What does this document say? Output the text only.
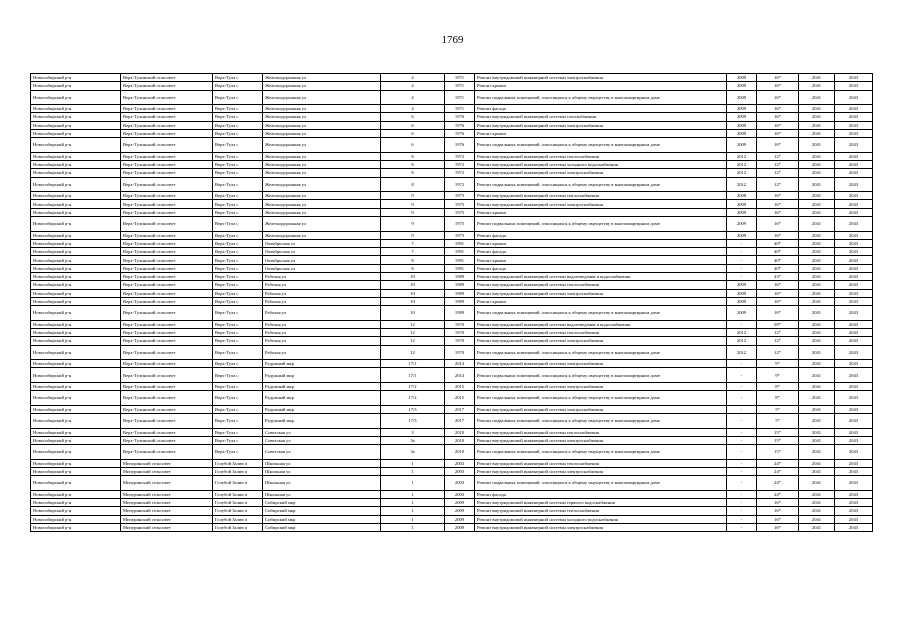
1769
Новосибирский р-н	Верх-Тулинский сельсовет	Верх-Тула с	Железнодорожная ул	4	1971	Ремонт внутридомовой инженерной системы электроснабжения	2009	16*	2041	2043
Новосибирский р-н	Верх-Тулинский сельсовет	Верх-Тула с	Железнодорожная ул	4	1971	Ремонт крыши	2009	16*	2041	2043
Новосибирский р-н	Верх-Тулинский сельсовет	Верх-Тула с	Железнодорожная ул	4	1971	Ремонт подвальных помещений, относящихся к общему имуществу в многоквартирном доме	2009	16*	2041	2043
Новосибирский р-н	Верх-Тулинский сельсовет	Верх-Тула с	Железнодорожная ул	4	1971	Ремонт фасада	2009	16*	2041	2043
Новосибирский р-н	Верх-Тулинский сельсовет	Верх-Тула с	Железнодорожная ул	6	1976	Ремонт внутридомовой инженерной системы газоснабжения	2009	16*	2041	2043
Новосибирский р-н	Верх-Тулинский сельсовет	Верх-Тула с	Железнодорожная ул	6	1976	Ремонт внутридомовой инженерной системы электроснабжения	2009	16*	2041	2043
Новосибирский р-н	Верх-Тулинский сельсовет	Верх-Тула с	Железнодорожная ул	6	1976	Ремонт крыши	2009	16*	2041	2043
Новосибирский р-н	Верх-Тулинский сельсовет	Верх-Тула с	Железнодорожная ул	6	1976	Ремонт подвальных помещений, относящихся к общему имуществу в многоквартирном доме	2009	16*	2041	2043
Новосибирский р-н	Верх-Тулинский сельсовет	Верх-Тула с	Железнодорожная ул	8	1972	Ремонт внутридомовой инженерной системы теплоснабжения	2012	12*	2041	2043
Новосибирский р-н	Верх-Тулинский сельсовет	Верх-Тула с	Железнодорожная ул	8	1972	Ремонт внутридомовой инженерной системы холодного водоснабжения	2012	12*	2041	2043
Новосибирский р-н	Верх-Тулинский сельсовет	Верх-Тула с	Железнодорожная ул	8	1972	Ремонт внутридомовой инженерной системы электроснабжения	2012	12*	2041	2043
Новосибирский р-н	Верх-Тулинский сельсовет	Верх-Тула с	Железнодорожная ул	8	1972	Ремонт подвальных помещений, относящихся к общему имуществу в многоквартирном доме	2012	12*	2041	2043
Новосибирский р-н	Верх-Тулинский сельсовет	Верх-Тула с	Железнодорожная ул	9	1975	Ремонт внутридомовой инженерной системы теплоснабжения	2008	16*	2041	2043
Новосибирский р-н	Верх-Тулинский сельсовет	Верх-Тула с	Железнодорожная ул	9	1975	Ремонт внутридомовой инженерной системы электроснабжения	2009	16*	2041	2043
Новосибирский р-н	Верх-Тулинский сельсовет	Верх-Тула с	Железнодорожная ул	9	1975	Ремонт крыши	2009	16*	2041	2043
Новосибирский р-н	Верх-Тулинский сельсовет	Верх-Тула с	Железнодорожная ул	9	1975	Ремонт подвальных помещений, относящихся к общему имуществу в многоквартирном доме	2009	16*	2041	2043
Новосибирский р-н	Верх-Тулинский сельсовет	Верх-Тула с	Железнодорожная ул	9	1975	Ремонт фасада	2009	16*	2041	2043
Новосибирский р-н	Верх-Тулинский сельсовет	Верх-Тула с	Октябрьская ул	7	1991	Ремонт крыши	-	40*	2041	2043
Новосибирский р-н	Верх-Тулинский сельсовет	Верх-Тула с	Октябрьская ул	7	1991	Ремонт фасада	-	40*	2041	2043
Новосибирский р-н	Верх-Тулинский сельсовет	Верх-Тула с	Октябрьская ул	8	1991	Ремонт крыши	-	40*	2041	2043
Новосибирский р-н	Верх-Тулинский сельсовет	Верх-Тула с	Октябрьская ул	8	1991	Ремонт фасада	-	40*	2041	2043
Новосибирский р-н	Верх-Тулинский сельсовет	Верх-Тула с	Рабочая ул	10	1989	Ремонт внутридомовой инженерной системы водоотведения и водоснабжения	-	43*	2041	2043
Новосибирский р-н	Верх-Тулинский сельсовет	Верх-Тула с	Рабочая ул	10	1989	Ремонт внутридомовой инженерной системы теплоснабжения	2009	16*	2041	2043
Новосибирский р-н	Верх-Тулинский сельсовет	Верх-Тула с	Рабочая ул	10	1989	Ремонт внутридомовой инженерной системы электроснабжения	2009	16*	2041	2043
Новосибирский р-н	Верх-Тулинский сельсовет	Верх-Тула с	Рабочая ул	10	1989	Ремонт крыши	2009	16*	2041	2043
Новосибирский р-н	Верх-Тулинский сельсовет	Верх-Тула с	Рабочая ул	10	1989	Ремонт подвальных помещений, относящихся к общему имуществу в многоквартирном доме	2009	16*	2041	2043
Новосибирский р-н	Верх-Тулинский сельсовет	Верх-Тула с	Рабочая ул	12	1970	Ремонт внутридомовой инженерной системы водоотведения и водоснабжения	-	58*	2041	2043
Новосибирский р-н	Верх-Тулинский сельсовет	Верх-Тула с	Рабочая ул	12	1970	Ремонт внутридомовой инженерной системы теплоснабжения	2012	12*	2041	2043
Новосибирский р-н	Верх-Тулинский сельсовет	Верх-Тула с	Рабочая ул	12	1970	Ремонт внутридомовой инженерной системы электроснабжения	2012	12*	2041	2043
Новосибирский р-н	Верх-Тулинский сельсовет	Верх-Тула с	Рабочая ул	12	1970	Ремонт подвальных помещений, относящихся к общему имуществу в многоквартирном доме	2012	12*	2041	2043
Новосибирский р-н	Верх-Тулинский сельсовет	Верх-Тула с	Радужный мкр	17/1	2014	Ремонт внутридомовой инженерной системы электроснабжения	-	9*	2041	2043
Новосибирский р-н	Верх-Тулинский сельсовет	Верх-Тула с	Радужный мкр	17/1	2014	Ремонт подвальных помещений, относящихся к общему имуществу в многоквартирном доме	-	9*	2041	2043
Новосибирский р-н	Верх-Тулинский сельсовет	Верх-Тула с	Радужный мкр	17/2	2015	Ремонт внутридомовой инженерной системы электроснабжения	-	8*	2041	2043
Новосибирский р-н	Верх-Тулинский сельсовет	Верх-Тула с	Радужный мкр	17/2	2015	Ремонт подвальных помещений, относящихся к общему имуществу в многоквартирном доме	-	8*	2041	2043
Новосибирский р-н	Верх-Тулинский сельсовет	Верх-Тула с	Радужный мкр	17/3	2017	Ремонт внутридомовой инженерной системы электроснабжения	-	5*	2041	2043
Новосибирский р-н	Верх-Тулинский сельсовет	Верх-Тула с	Радужный мкр	17/3	2017	Ремонт подвальных помещений, относящихся к общему имуществу в многоквартирном доме	-	5*	2041	2043
Новосибирский р-н	Верх-Тулинский сельсовет	Верх-Тула с	Советская ул	3	2010	Ремонт внутридомовой инженерной системы теплоснабжения	-	15*	2041	2043
Новосибирский р-н	Верх-Тулинский сельсовет	Верх-Тула с	Советская ул	3а	2010	Ремонт внутридомовой инженерной системы электроснабжения	-	15*	2041	2043
Новосибирский р-н	Верх-Тулинский сельсовет	Верх-Тула с	Советская ул	3а	2010	Ремонт подвальных помещений, относящихся к общему имуществу в многоквартирном доме	-	15*	2041	2043
Новосибирский р-н	Мичуринский сельсовет	Голубой Залив п	Школьная ул	1	2003	Ремонт внутридомовой инженерной системы теплоснабжения	-	24*	2041	2043
Новосибирский р-н	Мичуринский сельсовет	Голубой Залив п	Школьная ул	1	2003	Ремонт внутридомовой инженерной системы электроснабжения	-	24*	2041	2043
Новосибирский р-н	Мичуринский сельсовет	Голубой Залив п	Школьная ул	1	2003	Ремонт подвальных помещений, относящихся к общему имуществу в многоквартирном доме	-	24*	2041	2043
Новосибирский р-н	Мичуринский сельсовет	Голубой Залив п	Школьная ул	1	2003	Ремонт фасада	-	24*	2041	2043
Новосибирский р-н	Мичуринский сельсовет	Голубой Залив п	Сибирский мкр	1	2009	Ремонт внутридомовой инженерной системы горячего водоснабжения	-	16*	2041	2043
Новосибирский р-н	Мичуринский сельсовет	Голубой Залив п	Сибирский мкр	1	2009	Ремонт внутридомовой инженерной системы теплоснабжения	-	16*	2041	2043
Новосибирский р-н	Мичуринский сельсовет	Голубой Залив п	Сибирский мкр	1	2009	Ремонт внутридомовой инженерной системы холодного водоснабжения	-	16*	2041	2043
Новосибирский р-н	Мичуринский сельсовет	Голубой Залив п	Сибирский мкр	1	2009	Ремонт внутридомовой инженерной системы электроснабжения	-	16*	2041	2043
